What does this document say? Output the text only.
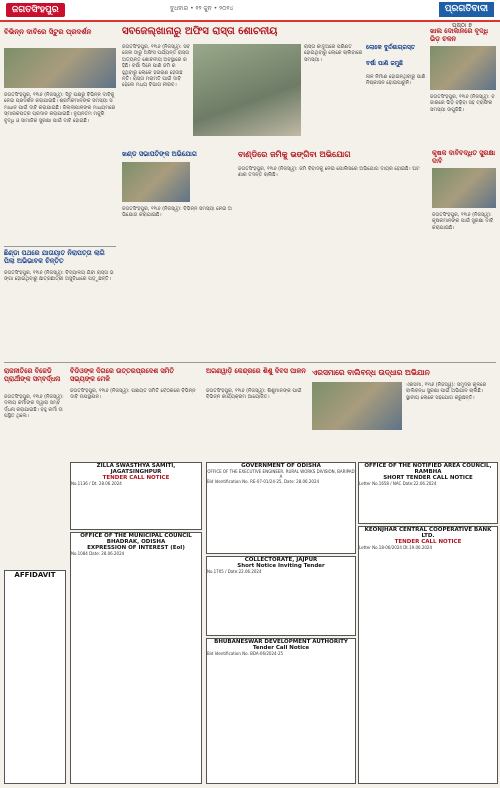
ଜଗତସିଂହପୁର	ବୁଧବାର • ୧୨ ଜୁନ • ୨୦୨୪	ପ୍ରଗତିବାଦୀ
ପୃଷ୍ଠା ୭
ବିଭିନ୍ନ ଦାବିରେ ସିଟୁର ପ୍ରଦର୍ଶନ
ଜଗତସିଂହପୁର, ୧୧ା୬ (ନିଜସ୍ୱ): ସିଟୁ ପକ୍ଷରୁ ବିଭିନ୍ନ ଦାବିକୁ ନେଇ ପ୍ରଦର୍ଶନ କରାଯାଇଛି। ଶ୍ରମିକମାନଙ୍କ ସମସ୍ୟା ସମାଧାନ ପାଇଁ ଦାବି କରାଯାଇଛି। ଜିଲ୍ଲାପାଳଙ୍କ ମାଧ୍ୟମରେ ସ୍ମାରକପତ୍ର ପ୍ରଦାନ କରାଯାଇଛି। ନ୍ୟୁନତମ ମଜୁରି ବୃଦ୍ଧି ଓ ସାମାଜିକ ସୁରକ୍ଷା ପାଇଁ ଦାବି ହୋଇଛି।
ସବଜେଲ୍‌ଖାନାରୁ ଅଫିସ ରାସ୍ତା ଶୋଚନୀୟ
ଜଗତସିଂହପୁର, ୧୧ା୬ (ନିଜସ୍ୱ): ସବଜେଲ ଠାରୁ ଅଫିସ ପର୍ଯ୍ୟନ୍ତ ରାସ୍ତା ଅତ୍ୟନ୍ତ ଶୋଚନୀୟ ଅବସ୍ଥାରେ ରହିଛି। ବର୍ଷା ଦିନେ ପାଣି ଜମି ରହୁଥିବାରୁ ଲୋକେ ହଇରାଣ ହେଉଛନ୍ତି। ରାସ୍ତା ମରାମତି ପାଇଁ ଦାବି ହେଲେ ମଧ୍ୟ ବିଭାଗ ନୀରବ।
ରାସ୍ତା କାଦୁଅରେ ପରିଣତ ହୋଇଥିବାରୁ ଲୋକେ ଚାଲିବାରେ ସମସ୍ୟା।
ଲୋକେ ଦୁର୍ଦ୍ଦଶାଗ୍ରସ୍ତ
ବର୍ଷା ପାଣି ଜମୁଛି
ନାଳ ନିର୍ମାଣ ହୋଇନଥିବାରୁ ପାଣି ନିଷ୍କାସନ ହୋଇପାରୁନି।
ଖାଲ ଦୋକାନରେ ବୃଦ୍ଧି ଭିଡ଼ ଚଳନ
ଜଗତସିଂହପୁର, ୧୧ା୬ (ନିଜସ୍ୱ): ବଜାରରେ ଭିଡ଼ ବଢ଼ିବା ସହ ଟ୍ରାଫିକ ସମସ୍ୟା ଉପୁଜିଛି।
ଛିଣ୍ଡା ପଥରେ ଯାତାୟାତ ନିରାପତ୍ତା ଲାଗି ପିଲା ଅଭିଭାବକ ଚିନ୍ତିତ
ଜଗତସିଂହପୁର, ୧୧ା୬ (ନିଜସ୍ୱ): ବିଦ୍ୟାଳୟ ଯିବା ରାସ୍ତା ଭଙ୍ଗା ହୋଇଥିବାରୁ ଛାତ୍ରଛାତ୍ରୀ ଅସୁବିଧାରେ ପଡ଼ୁଛନ୍ତି।
ଖଣ୍ଡ ସଭାପତିଙ୍କ ଅଭିଯୋଗ
ଜଗତସିଂହପୁର, ୧୧ା୬ (ନିଜସ୍ୱ): ବିଭିନ୍ନ ସମସ୍ୟା ନେଇ ଅଭିଯୋଗ କରାଯାଇଛି।
ବାଣ୍ଡିରେ ଜମିକୁ ଭଙ୍ଗିବା ଅଭିଯୋଗ
ଜଗତସିଂହପୁର, ୧୧ା୬ (ନିଜସ୍ୱ): ଜମି ବିବାଦକୁ ନେଇ ପୋଲିସରେ ଅଭିଯୋଗ ଦାୟର ହୋଇଛି। ଘଟଣାର ତଦନ୍ତ ଚାଲିଛି।
କୃଷକ ଦାବିବଦ୍ଧିତ ସୁରକ୍ଷା ଦାବି
ଜଗତସିଂହପୁର, ୧୧ା୬ (ନିଜସ୍ୱ): କୃଷକମାନଙ୍କ ପାଇଁ ସୁରକ୍ଷା ଦାବି କରାଯାଇଛି।
ରାଜନୀତିରେ ବିଜେଡି ପ୍ରାର୍ଥୀଙ୍କ ସମ୍ବର୍ଦ୍ଧନା
ଜଗତସିଂହପୁର, ୧୧ା୬ (ନିଜସ୍ୱ): ଦଳୀୟ କର୍ମୀଙ୍କ ଦ୍ୱାରା ସମ୍ବର୍ଦ୍ଧନା କରାଯାଇଛି। ବହୁ କର୍ମୀ ଉପସ୍ଥିତ ଥିଲେ।
ବିଡିଓଙ୍କ ଦିଗରେ ଉତ୍ତରପ୍ରଦେଶ ସମିତି ସଭ୍ୟଙ୍କ ମେଳି
ଜଗତସିଂହପୁର, ୧୧ା୬ (ନିଜସ୍ୱ): ପଞ୍ଚାୟତ ସମିତି ବୈଠକରେ ବିଭିନ୍ନ ଦାବି ଉପସ୍ଥାପନ।
ଅଗଣୱାଡ଼ି କେନ୍ଦ୍ରରେ ଶିଶୁ ଦିବସ ପାଳନ
ଜଗତସିଂହପୁର, ୧୧ା୬ (ନିଜସ୍ୱ): ଶିଶୁମାନଙ୍କ ପାଇଁ ବିଭିନ୍ନ କାର୍ଯ୍ୟକ୍ରମ ଆୟୋଜିତ।
ଏରସମାରେ ବାଲିବନ୍ଧ ଉଦ୍ଧାର ଅଭିଯାନ
ଏରସମା, ୧୧ା୬ (ନିଜସ୍ୱ): ସମୁଦ୍ର କୂଳରେ ବାଲିବନ୍ଧ ସୁରକ୍ଷା ପାଇଁ ଅଭିଯାନ ଚାଲିଛି। ସ୍ଥାନୀୟ ଲୋକେ ସହଯୋଗ କରୁଛନ୍ତି।
ZILLA SWASTHYA SAMITI, JAGATSINGHPUR
TENDER CALL NOTICE
No.1136 / Dt. 28.06.2024
GOVERNMENT OF ODISHA
OFFICE OF THE EXECUTIVE ENGINEER, RURAL WORKS DIVISION, BARIPADA
Bid Identification No. RE-07-01/24-25, Date: 28.06.2024
OFFICE OF THE NOTIFIED AREA COUNCIL, RAMBHA
SHORT TENDER CALL NOTICE
Letter No.1658 / NAC Date:22.06.2024
OFFICE OF THE MUNICIPAL COUNCIL BHADRAK, ODISHA
EXPRESSION OF INTEREST (EoI)
No.1084 Date: 28.06.2024
COLLECTORATE, JAJPUR
Short Notice Inviting Tender
No.1705 / Date:22.06.2024
BHUBANESWAR DEVELOPMENT AUTHORITY
Tender Call Notice
Bid Identification No. BDA-06/2024-25
KEONJHAR CENTRAL COOPERATIVE BANK LTD.
TENDER CALL NOTICE
Letter No.18-06/2024 Dt.19.06.2024
AFFIDAVIT
